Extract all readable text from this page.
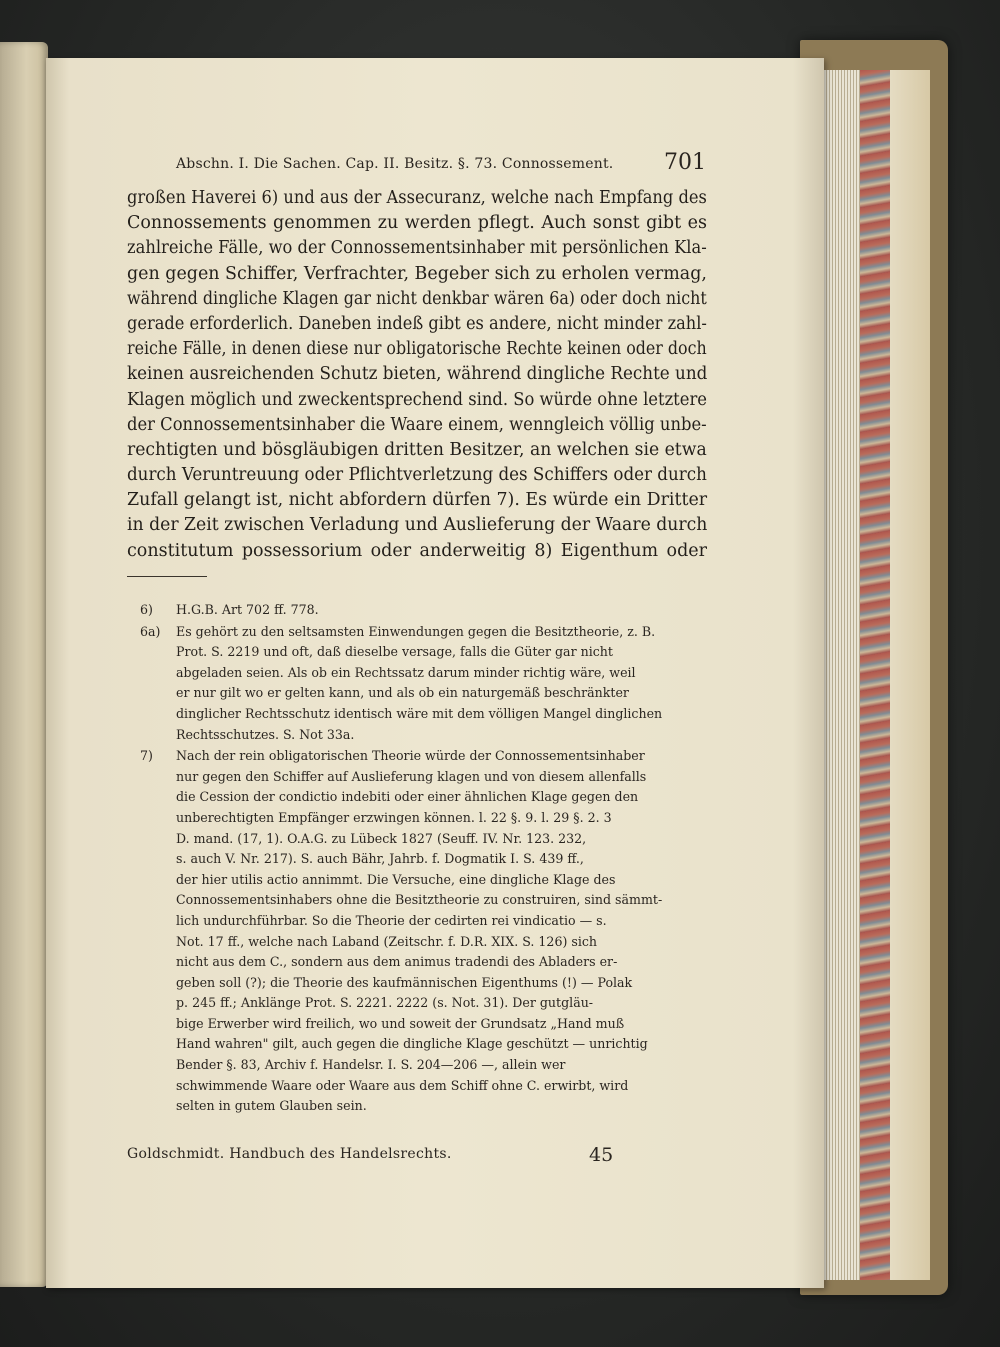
Abschn. I. Die Sachen. Cap. II. Besitz. §. 73. Connossement. 701
großen Haverei 6) und aus der Assecuranz, welche nach Empfang des
Connossements genommen zu werden pflegt. Auch sonst gibt es
zahlreiche Fälle, wo der Connossementsinhaber mit persönlichen Kla-
gen gegen Schiffer, Verfrachter, Begeber sich zu erholen vermag,
während dingliche Klagen gar nicht denkbar wären 6a) oder doch nicht
gerade erforderlich. Daneben indeß gibt es andere, nicht minder zahl-
reiche Fälle, in denen diese nur obligatorische Rechte keinen oder doch
keinen ausreichenden Schutz bieten, während dingliche Rechte und
Klagen möglich und zweckentsprechend sind. So würde ohne letztere
der Connossementsinhaber die Waare einem, wenngleich völlig unbe-
rechtigten und bösgläubigen dritten Besitzer, an welchen sie etwa
durch Veruntreuung oder Pflichtverletzung des Schiffers oder durch
Zufall gelangt ist, nicht abfordern dürfen 7). Es würde ein Dritter
in der Zeit zwischen Verladung und Auslieferung der Waare durch
constitutum possessorium oder anderweitig 8) Eigenthum oder
6) H.G.B. Art 702 ff. 778.
6a) Es gehört zu den seltsamsten Einwendungen gegen die Besitztheorie, z. B.
Prot. S. 2219 und oft, daß dieselbe versage, falls die Güter gar nicht
abgeladen seien. Als ob ein Rechtssatz darum minder richtig wäre, weil
er nur gilt wo er gelten kann, und als ob ein naturgemäß beschränkter
dinglicher Rechtsschutz identisch wäre mit dem völligen Mangel dinglichen
Rechtsschutzes. S. Not 33a.
7) Nach der rein obligatorischen Theorie würde der Connossementsinhaber
nur gegen den Schiffer auf Auslieferung klagen und von diesem allenfalls
die Cession der condictio indebiti oder einer ähnlichen Klage gegen den
unberechtigten Empfänger erzwingen können. l. 22 §. 9. l. 29 §. 2. 3
D. mand. (17, 1). O.A.G. zu Lübeck 1827 (Seuff. IV. Nr. 123. 232,
s. auch V. Nr. 217). S. auch Bähr, Jahrb. f. Dogmatik I. S. 439 ff.,
der hier utilis actio annimmt. Die Versuche, eine dingliche Klage des
Connossementsinhabers ohne die Besitztheorie zu construiren, sind sämmt-
lich undurchführbar. So die Theorie der cedirten rei vindicatio — s.
Not. 17 ff., welche nach Laband (Zeitschr. f. D.R. XIX. S. 126) sich
nicht aus dem C., sondern aus dem animus tradendi des Abladers er-
geben soll (?); die Theorie des kaufmännischen Eigenthums (!) — Polak
p. 245 ff.; Anklänge Prot. S. 2221. 2222 (s. Not. 31). Der gutgläu-
bige Erwerber wird freilich, wo und soweit der Grundsatz „Hand muß
Hand wahren" gilt, auch gegen die dingliche Klage geschützt — unrichtig
Bender §. 83, Archiv f. Handelsr. I. S. 204—206 —, allein wer
schwimmende Waare oder Waare aus dem Schiff ohne C. erwirbt, wird
selten in gutem Glauben sein.
Goldschmidt. Handbuch des Handelsrechts.	45
